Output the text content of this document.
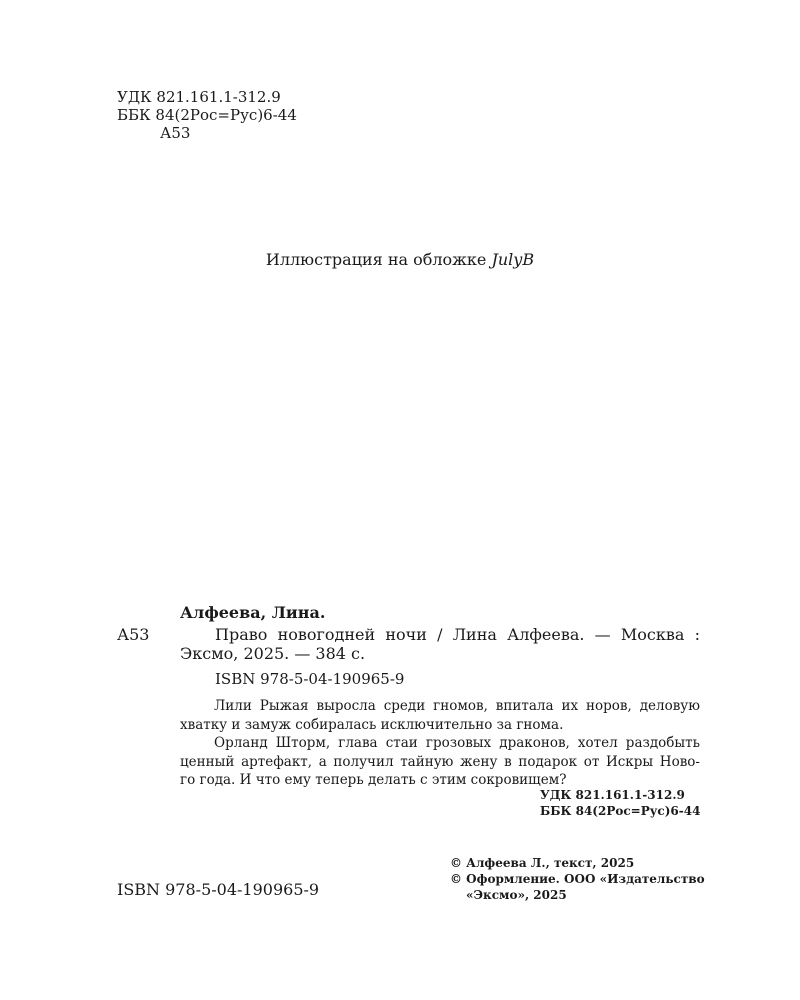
УДК 821.161.1-312.9
ББК 84(2Рос=Рус)6-44
А53
Иллюстрация на обложке JulyB
Алфеева, Лина.
А53	Право новогодней ночи / Лина Алфеева. — Москва :
Эксмо, 2025. — 384 с.
ISBN 978-5-04-190965-9

Лили Рыжая выросла среди гномов, впитала их норов, деловую

хватку и замуж собиралась исключительно за гнома.

Орланд Шторм, глава стаи грозовых драконов, хотел раздобыть

ценный артефакт, а получил тайную жену в подарок от Искры Ново-

го года. И что ему теперь делать с этим сокровищем?

УДК 821.161.1-312.9
ББК 84(2Рос=Рус)6-44
© Алфеева Л., текст, 2025
© Оформление. ООО «Издательство
«Эксмо», 2025
ISBN 978-5-04-190965-9
